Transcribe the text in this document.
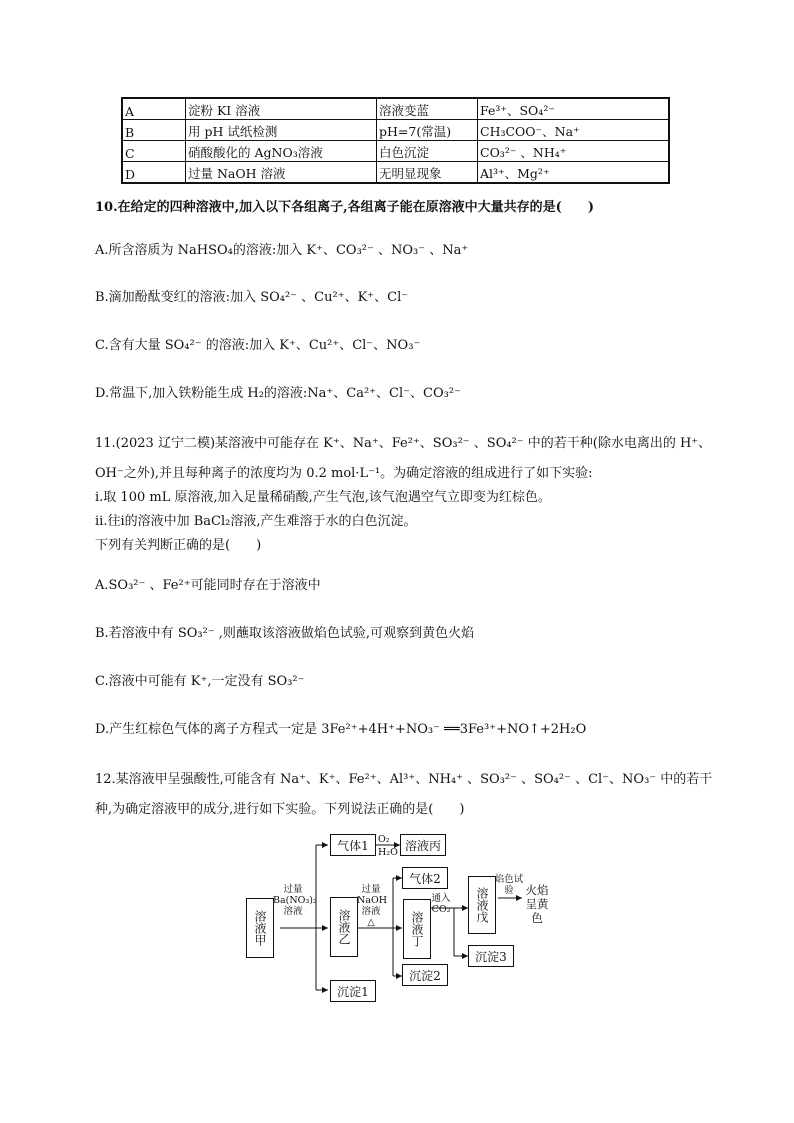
A	淀粉 KI 溶液	溶液变蓝	Fe³⁺、SO₄²⁻
B	用 pH 试纸检测	pH=7(常温)	CH₃COO⁻、Na⁺
C	硝酸酸化的 AgNO₃溶液	白色沉淀	CO₃²⁻ 、NH₄⁺
D	过量 NaOH 溶液	无明显现象	Al³⁺、Mg²⁺
10.在给定的四种溶液中,加入以下各组离子,各组离子能在原溶液中大量共存的是(　　)
A.所含溶质为 NaHSO₄的溶液:加入 K⁺、CO₃²⁻ 、NO₃⁻ 、Na⁺
B.滴加酚酞变红的溶液:加入 SO₄²⁻ 、Cu²⁺、K⁺、Cl⁻
C.含有大量 SO₄²⁻ 的溶液:加入 K⁺、Cu²⁺、Cl⁻、NO₃⁻
D.常温下,加入铁粉能生成 H₂的溶液:Na⁺、Ca²⁺、Cl⁻、CO₃²⁻
11.(2023 辽宁二模)某溶液中可能存在 K⁺、Na⁺、Fe²⁺、SO₃²⁻ 、SO₄²⁻ 中的若干种(除水电离出的 H⁺、
OH⁻之外),并且每种离子的浓度均为 0.2 mol·L⁻¹。为确定溶液的组成进行了如下实验:
ⅰ.取 100 mL 原溶液,加入足量稀硝酸,产生气泡,该气泡遇空气立即变为红棕色。
ⅱ.往ⅰ的溶液中加 BaCl₂溶液,产生难溶于水的白色沉淀。
下列有关判断正确的是(　　)
A.SO₃²⁻ 、Fe²⁺可能同时存在于溶液中
B.若溶液中有 SO₃²⁻ ,则蘸取该溶液做焰色试验,可观察到黄色火焰
C.溶液中可能有 K⁺,一定没有 SO₃²⁻
D.产生红棕色气体的离子方程式一定是 3Fe²⁺+4H⁺+NO₃⁻ ══3Fe³⁺+NO↑+2H₂O
12.某溶液甲呈强酸性,可能含有 Na⁺、K⁺、Fe²⁺、Al³⁺、NH₄⁺ 、SO₃²⁻ 、SO₄²⁻ 、Cl⁻、NO₃⁻ 中的若干
种,为确定溶液甲的成分,进行如下实验。下列说法正确的是(　　)
溶液甲
气体1	溶液丙
溶液乙
沉淀1
气体2
溶液丁
沉淀2
溶液戊
沉淀3
过量 Ba(NO₃)₂ 溶液
O₂
H₂O
过量 NaOH 溶液 △
通入 CO₂
焰色试验	火焰呈黄色
